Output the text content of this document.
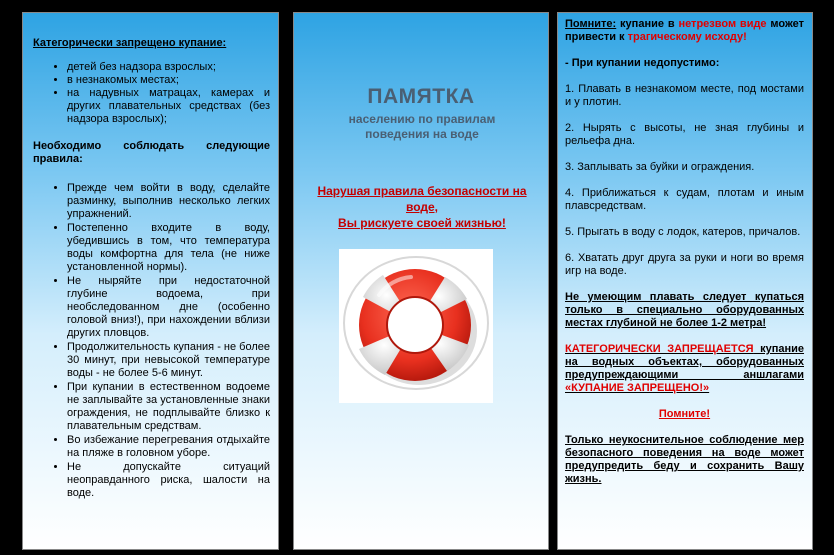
Категорически запрещено купание:
• детей без надзора взрослых;
• в незнакомых местах;
• на надувных матрацах, камерах и других плавательных средствах (без надзора взрослых);
Необходимо соблюдать следующие правила:
• Прежде чем войти в воду, сделайте разминку, выполнив несколько легких упражнений.
• Постепенно входите в воду, убедившись в том, что температура воды комфортна для тела (не ниже установленной нормы).
• Не ныряйте при недостаточной глубине водоема, при необследованном дне (особенно головой вниз!), при нахождении вблизи других пловцов.
• Продолжительность купания - не более 30 минут, при невысокой температуре воды - не более 5-6 минут.
• При купании в естественном водоеме не заплывайте за установленные знаки ограждения, не подплывайте близко к плавательным средствам.
• Во избежание перегревания отдыхайте на пляже в головном уборе.
• Не допускайте ситуаций неоправданного риска, шалости на воде.
ПАМЯТКА
населению по правилам поведения на воде
Нарушая правила безопасности на воде,
Вы рискуете своей жизнью!

Помните: купание в нетрезвом виде может привести к трагическому исходу!

- При купании недопустимо:

1. Плавать в незнакомом месте, под мостами и у плотин.

2. Нырять с высоты, не зная глубины и рельефа дна.

3. Заплывать за буйки и ограждения.

4. Приближаться к судам, плотам и иным плавсредствам.

5. Прыгать в воду с лодок, катеров, причалов.

6. Хватать друг друга за руки и ноги во время игр на воде.

Не умеющим плавать следует купаться только в специально оборудованных местах глубиной не более 1-2 метра!

КАТЕГОРИЧЕСКИ ЗАПРЕЩАЕТСЯ купание на водных объектах, оборудованных предупреждающими аншлагами «КУПАНИЕ ЗАПРЕЩЕНО!»

Помните!

Только неукоснительное соблюдение мер безопасного поведения на воде может предупредить беду и сохранить Вашу жизнь.
